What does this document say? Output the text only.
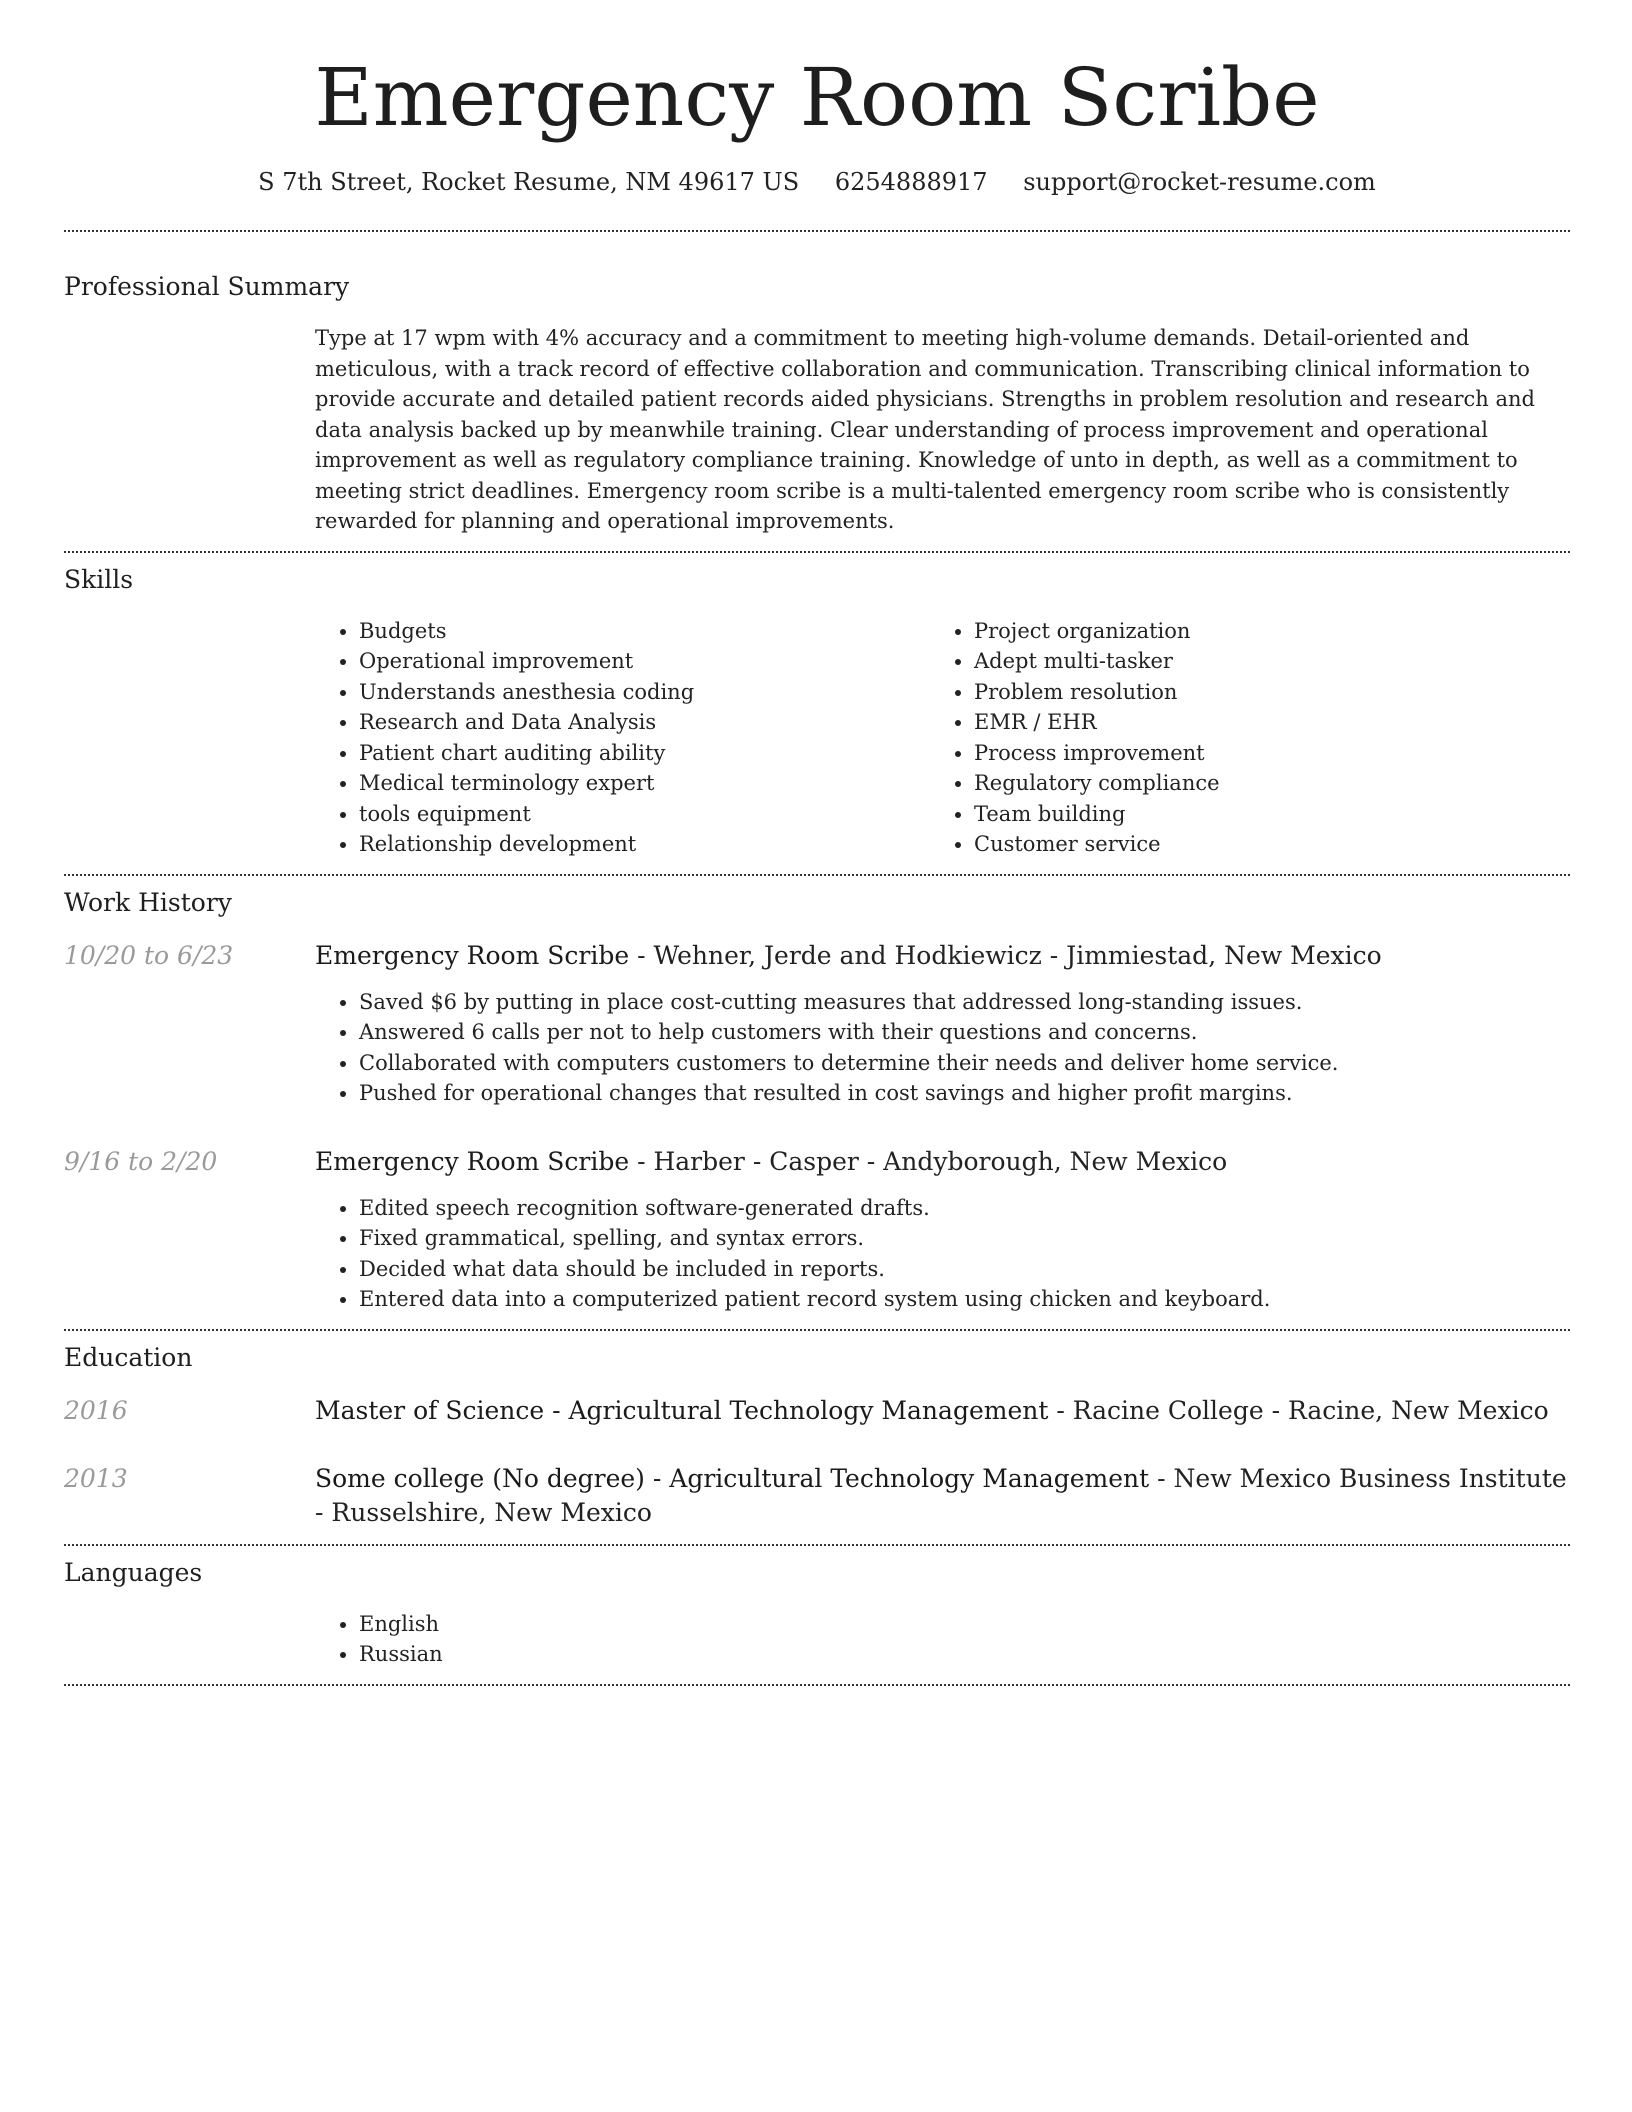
Emergency Room Scribe
S 7th Street, Rocket Resume, NM 49617 US 6254888917 support@rocket-resume.com
Professional Summary

Type at 17 wpm with 4% accuracy and a commitment to meeting high-volume demands. Detail-oriented and meticulous, with a track record of effective collaboration and communication. Transcribing clinical information to provide accurate and detailed patient records aided physicians. Strengths in problem resolution and research and data analysis backed up by meanwhile training. Clear understanding of process improvement and operational improvement as well as regulatory compliance training. Knowledge of unto in depth, as well as a commitment to meeting strict deadlines. Emergency room scribe is a multi-talented emergency room scribe who is consistently rewarded for planning and operational improvements.

Skills
• Budgets
• Operational improvement
• Understands anesthesia coding
• Research and Data Analysis
• Patient chart auditing ability
• Medical terminology expert
• tools equipment
• Relationship development
• Project organization
• Adept multi-tasker
• Problem resolution
• EMR / EHR
• Process improvement
• Regulatory compliance
• Team building
• Customer service
Work History
10/20 to 6/23	Emergency Room Scribe - Wehner, Jerde and Hodkiewicz - Jimmiestad, New Mexico
• Saved $6 by putting in place cost-cutting measures that addressed long-standing issues.
• Answered 6 calls per not to help customers with their questions and concerns.
• Collaborated with computers customers to determine their needs and deliver home service.
• Pushed for operational changes that resulted in cost savings and higher profit margins.
9/16 to 2/20	Emergency Room Scribe - Harber - Casper - Andyborough, New Mexico
• Edited speech recognition software-generated drafts.
• Fixed grammatical, spelling, and syntax errors.
• Decided what data should be included in reports.
• Entered data into a computerized patient record system using chicken and keyboard.
Education
2016	Master of Science - Agricultural Technology Management - Racine College - Racine, New Mexico
2013	Some college (No degree) - Agricultural Technology Management - New Mexico Business Institute - Russelshire, New Mexico
Languages
• English
• Russian
